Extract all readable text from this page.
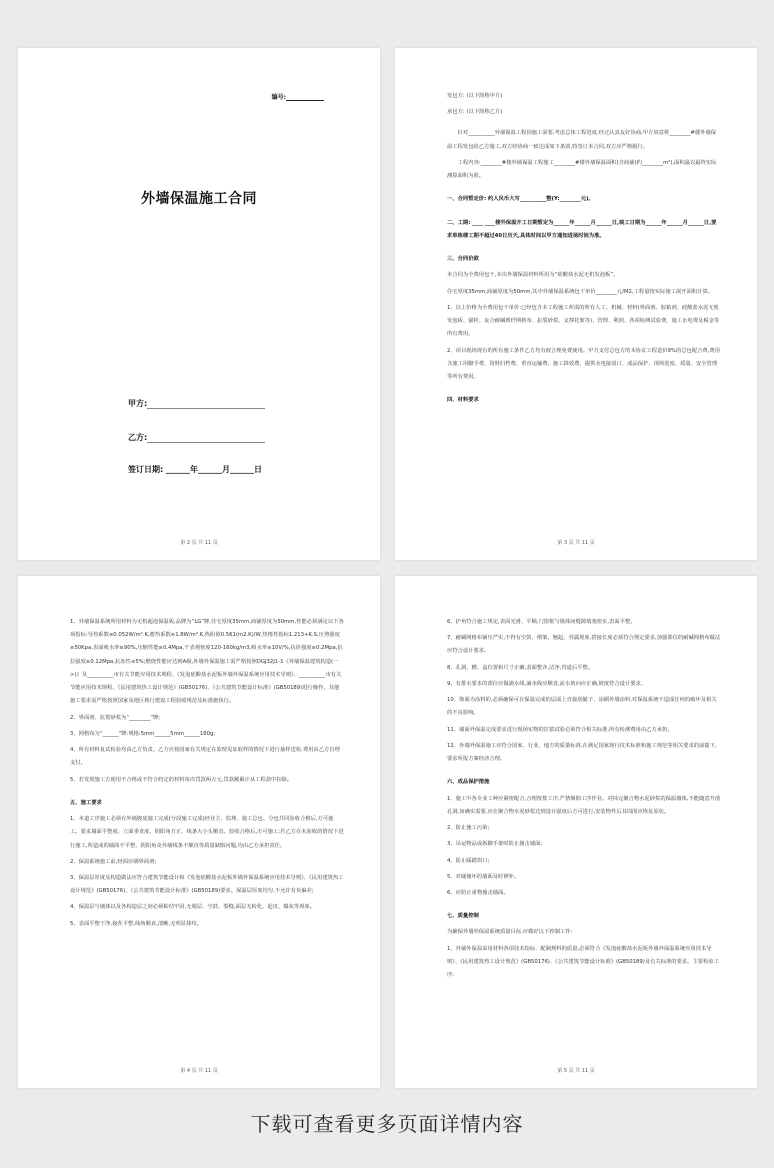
编号:
外墙保温施工合同
甲方:
乙方:
签订日期: ______年______月______日
第 2 页 共 11 页

发包方: (以下简称甲方)

承包方: (以下简称乙方)

针对__________外墙保温工程园施工需要,考虑总体工程进度,经过认真友好协商,甲方同意将________#楼外墙保温工程发包给乙方施工,双方经协商一致达成如下条款,特签订本合同,双方应严格履行。

工程内容:________#楼外墙保温工程施工________#楼外墙保温面积(含商铺)约________m²),面积最以最终实际测算面积为准。

一、合同暂定价: 约人民币大写__________整(Y:________元)。

二、工期: ____ ____楼外保温开工日期暂定为______年______月______日,竣工日期为______年______月______日,要求单栋楼工期不超过40日历天,具体时间以甲方通知进场时间为准。

三、合同价款

本合同为全费用包干,本次外墙保温材料所用为“硅酸盐水泥无机发泡板”。

住宅厚度35mm,商铺厚度为50mm,其中外墙保温系统包干单价________元/M2,工程量按实际施工展开面积计算。

1、以上价格为全费用包干单价:已经包含本工程施工所需的所有人工、机械、材料(界面剂、胶粘剂、硅酸盐水泥无机发泡板、锚栓、复合耐碱玻纤网格布、抗裂砂浆、支撑托架等)、管理、利润、各项检测试验费、施工水电费及税金等所有费用。

2、项目现场现有的所有施工条件乙方均有权合理免费使用。甲方支付总包方的本协议工程造价9%的总包配合费,费用含施工用脚手费、资料归档费、垂直运输费、施工降效费、提供水电接驳口、成品保护、现场进度、质量、安全管理等所有费用。

四、材料要求

第 3 页 共 11 页

1、外墙保温系统所用材料为无机超泡保温板,品牌为“LG”牌,住宅厚度35mm,商铺厚度为50mm,性能必须满足以下各项指标:导热系数≤0.052W/m².K,蓄热系数≥1.8W/m².K,热阻值0.561(m2.K)/W,热惰性指标1.213+K.S,压剪强度≥50Kpa,表面吸水率≥90%,压缩性能≥0.4Mpa,干表观密度120-160kg/m3,吸水率≤10V/%,抗折强度≥0.2Mpa,抗拉强度≥0.12Mpa,抗冻性≤5%;燃烧性能应达到A级,外墙外保温施工需严格按照DGJ32J1-1《外墙保温建筑构造(一>)》及__________市有关节能应用技术规程、《发泡硅酸盐水泥板外墙外保温系统应用技术导则》、__________市有关节能应用技术规程、《民用建筑热工设计规范》(GB50176)、《公共建筑节能设计标准》(GB50189)进行操作。其他施工要求需严格按照国家及地区现行建设工程验收规范及标准施执行。

2、界面剂、抗裂砂浆为“________”牌;

3、网格布为“______”牌:规格:5mm______5mm______160g;

4、所有材料复试检验均由乙方负责。乙方应按国家有关规定在监理见证取样的情况下进行抽样送检,费用由乙方自理支付。

5、若发现施工方使用不合格或不符合约定的材料每次罚款两万元,罚款额累计从工程款中扣除。

五、施工要求

1、本道工序施工必须在外墙镀底施工完成(分段施工完成)经业主、监理、施工总包、分包共同验收合格后,方可施工。要求墙面平整度、立面垂直度、阴阳角方正、线条大小头顺直、验收合格后,方可施工;若乙方在未验收的情况下进行施工,所造成的墙面不平整、阴阳角及外墙线条不顺直等质量缺陷问题,均由乙方承担责任。

2、保温系统施工前,轻面应刷界面剂;

3、保温层厚度及构造做法应符合建筑节能设计和《发泡硅酸盐水泥板外墙外保温系统应用技术导则》、《民用建筑热工设计规范》(GB50176)、《公共建筑节能设计标准》(GB50189)要求。保温层厚度均匀,不允许有负偏差;

4、保温层与墙体以及各构造层之间必须粘结牢固,无脱层、空鼓、裂缝,面层无粉化、起皮、爆灰等现象。

5、表面平整干净,接茬平整,线角顺直,清晰,无明显抹纹。

第 4 页 共 11 页

6、护角符合施工规定,表面光滑、平顺,门窗框与墙体间缝隙填塞密实,表面平整。

7、耐碱网格布铺压严实,不得有空鼓、褶皱、翘起、外露现象,搭接长度必须符合规定要求,加强部位的耐碱网格布做法应符合设计要求。

8、孔洞、槽、盒位置和尺寸正确,表面整齐,洁净,管道后平整。

9、有排水要求的部位应做滴水线,滴水线应顺直,流水坡向应正确,坡度符合设计要求。

10、饰面为涂料的,必须确保可在保温完成的层面上直接刮腻子、涂刷外墙涂料,对保温系统不造成任何的破坏及相关的不良影响。

11、墙面外保温完成要求进行现场实物的拉拔试验必须符合相关标准,所有检测费用由乙方承担。

12、外墙外保温施工应符合国家、行业、地方的质量标准,在满足国家现行技术标准和施工规范等相关要求的前提下,要求所报方案经济合理。

六、成品保护措施

1、施工中各专业工种应紧密配合,合理按排工序,严禁颠倒工序作业。对抹完聚合物水泥砂浆的保温墙体,不能随意开凿孔洞,如确实需要,应在聚合物水泥砂浆达到设计强度后方可进行,安装物件后其周围应恢复原状。

2、防止施工污染;

3、吊运物品或拆脚手架时防止撞击墙面;

4、防止踩踏窗口;

5、对碰撞坏的墙面及时修补。

6、应防止重物撞击墙面。

七、质量控制

为确保外墙外保温系统质量目标,应做好以下控制工作:

1、外墙外保温采用材料各项技术指标、配制规料的质量,必须符合《发泡硅酸盐水泥板外墙外保温系统应用技术导则》、《民用建筑热工设计规范》(GB50176)、《公共建筑节能设计标准》(GB50189)及有关标准的要求。主要检验工序:

第 5 页 共 11 页
下载可查看更多页面详情内容
